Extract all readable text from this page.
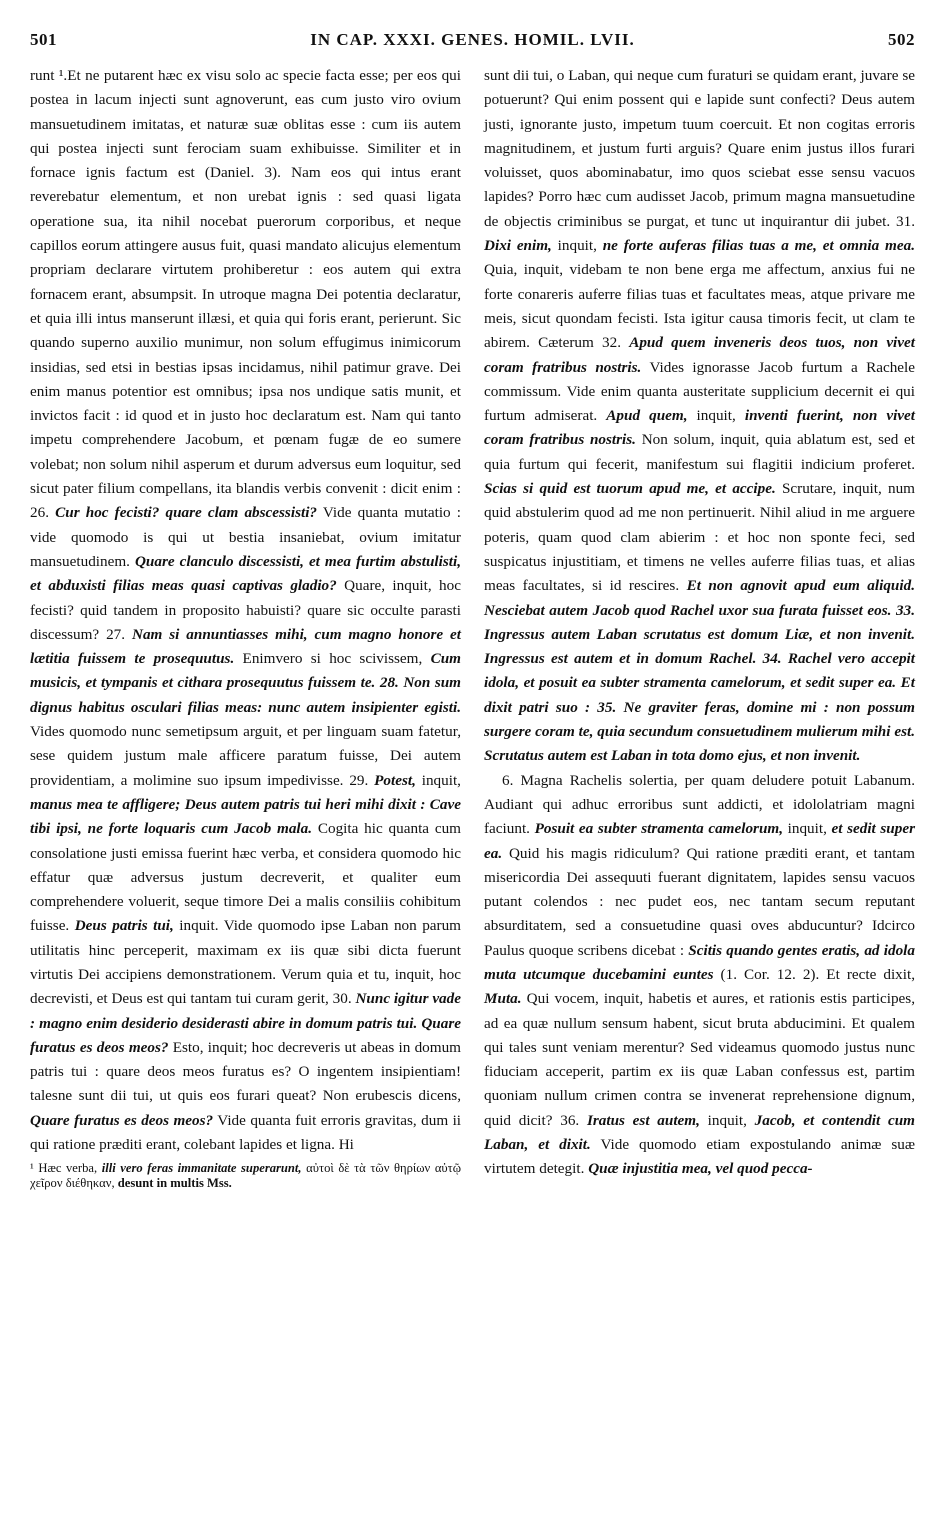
501	IN CAP. XXXI. GENES. HOMIL. LVII.	502

runt ¹.Et ne putarent hæc ex visu solo ac specie facta esse; per eos qui postea in lacum injecti sunt agnoverunt, eas cum justo viro ovium mansuetudinem imitatas, et naturæ suæ oblitas esse : cum iis autem qui postea injecti sunt ferociam suam exhibuisse. Similiter et in fornace ignis factum est (Daniel. 3). Nam eos qui intus erant reverebatur elementum, et non urebat ignis : sed quasi ligata operatione sua, ita nihil nocebat puerorum corporibus, et neque capillos eorum attingere ausus fuit, quasi mandato alicujus elementum propriam declarare virtutem prohiberetur : eos autem qui extra fornacem erant, absumpsit. In utroque magna Dei potentia declaratur, et quia illi intus manserunt illæsi, et quia qui foris erant, perierunt. Sic quando superno auxilio munimur, non solum effugimus inimicorum insidias, sed etsi in bestias ipsas incidamus, nihil patimur grave. Dei enim manus potentior est omnibus; ipsa nos undique satis munit, et invictos facit : id quod et in justo hoc declaratum est. Nam qui tanto impetu comprehendere Jacobum, et pœnam fugæ de eo sumere volebat; non solum nihil asperum et durum adversus eum loquitur, sed sicut pater filium compellans, ita blandis verbis convenit : dicit enim : 26. Cur hoc fecisti? quare clam abscessisti? Vide quanta mutatio : vide quomodo is qui ut bestia insaniebat, ovium imitatur mansuetudinem. Quare clanculo discessisti, et mea furtim abstulisti, et abduxisti filias meas quasi captivas gladio? Quare, inquit, hoc fecisti? quid tandem in proposito habuisti? quare sic occulte parasti discessum? 27. Nam si annuntiasses mihi, cum magno honore et lætitia fuissem te prosequutus. Enimvero si hoc scivissem, Cum musicis, et tympanis et cithara prosequutus fuissem te. 28. Non sum dignus habitus osculari filias meas: nunc autem insipienter egisti. Vides quomodo nunc semetipsum arguit, et per linguam suam fatetur, sese quidem justum male afficere paratum fuisse, Dei autem providentiam, a molimine suo ipsum impedivisse. 29. Potest, inquit, manus mea te affligere; Deus autem patris tui heri mihi dixit : Cave tibi ipsi, ne forte loquaris cum Jacob mala. Cogita hic quanta cum consolatione justi emissa fuerint hæc verba, et considera quomodo hic effatur quæ adversus justum decreverit, et qualiter eum comprehendere voluerit, seque timore Dei a malis consiliis cohibitum fuisse. Deus patris tui, inquit. Vide quomodo ipse Laban non parum utilitatis hinc perceperit, maximam ex iis quæ sibi dicta fuerunt virtutis Dei accipiens demonstrationem. Verum quia et tu, inquit, hoc decrevisti, et Deus est qui tantam tui curam gerit, 30. Nunc igitur vade : magno enim desiderio desiderasti abire in domum patris tui. Quare furatus es deos meos? Esto, inquit; hoc decreveris ut abeas in domum patris tui : quare deos meos furatus es? O ingentem insipientiam! talesne sunt dii tui, ut quis eos furari queat? Non erubescis dicens, Quare furatus es deos meos? Vide quanta fuit erroris gravitas, dum ii qui ratione præditi erant, colebant lapides et ligna. Hi

¹ Hæc verba, illi vero feras immanitate superarunt, αὐτοὶ δὲ τὰ τῶν θηρίων αὐτῷ χεῖρον διέθηκαν, desunt in multis Mss.

sunt dii tui, o Laban, qui neque cum furaturi se quidam erant, juvare se potuerunt? Qui enim possent qui e lapide sunt confecti? Deus autem justi, ignorante justo, impetum tuum coercuit. Et non cogitas erroris magnitudinem, et justum furti arguis? Quare enim justus illos furari voluisset, quos abominabatur, imo quos sciebat esse sensu vacuos lapides? Porro hæc cum audisset Jacob, primum magna mansuetudine de objectis criminibus se purgat, et tunc ut inquirantur dii jubet. 31. Dixi enim, inquit, ne forte auferas filias tuas a me, et omnia mea. Quia, inquit, videbam te non bene erga me affectum, anxius fui ne forte conareris auferre filias tuas et facultates meas, atque privare me meis, sicut quondam fecisti. Ista igitur causa timoris fecit, ut clam te abirem. Cæterum 32. Apud quem inveneris deos tuos, non vivet coram fratribus nostris. Vides ignorasse Jacob furtum a Rachele commissum. Vide enim quanta austeritate supplicium decernit ei qui furtum admiserat. Apud quem, inquit, inventi fuerint, non vivet coram fratribus nostris. Non solum, inquit, quia ablatum est, sed et quia furtum qui fecerit, manifestum sui flagitii indicium proferet. Scias si quid est tuorum apud me, et accipe. Scrutare, inquit, num quid abstulerim quod ad me non pertinuerit. Nihil aliud in me arguere poteris, quam quod clam abierim : et hoc non sponte feci, sed suspicatus injustitiam, et timens ne velles auferre filias tuas, et alias meas facultates, si id rescires. Et non agnovit apud eum aliquid. Nesciebat autem Jacob quod Rachel uxor sua furata fuisset eos. 33. Ingressus autem Laban scrutatus est domum Liæ, et non invenit. Ingressus est autem et in domum Rachel. 34. Rachel vero accepit idola, et posuit ea subter stramenta camelorum, et sedit super ea. Et dixit patri suo : 35. Ne graviter feras, domine mi : non possum surgere coram te, quia secundum consuetudinem mulierum mihi est. Scrutatus autem est Laban in tota domo ejus, et non invenit.

6. Magna Rachelis solertia, per quam deludere potuit Labanum. Audiant qui adhuc erroribus sunt addicti, et idololatriam magni faciunt. Posuit ea subter stramenta camelorum, inquit, et sedit super ea. Quid his magis ridiculum? Qui ratione præditi erant, et tantam misericordia Dei assequuti fuerant dignitatem, lapides sensu vacuos putant colendos : nec pudet eos, nec tantam secum reputant absurditatem, sed a consuetudine quasi oves abducuntur? Idcirco Paulus quoque scribens dicebat : Scitis quando gentes eratis, ad idola muta utcumque ducebamini euntes (1. Cor. 12. 2). Et recte dixit, Muta. Qui vocem, inquit, habetis et aures, et rationis estis participes, ad ea quæ nullum sensum habent, sicut bruta abducimini. Et qualem qui tales sunt veniam merentur? Sed videamus quomodo justus nunc fiduciam acceperit, partim ex iis quæ Laban confessus est, partim quoniam nullum crimen contra se invenerat reprehensione dignum, quid dicit? 36. Iratus est autem, inquit, Jacob, et contendit cum Laban, et dixit. Vide quomodo etiam expostulando animæ suæ virtutem detegit. Quæ injustitia mea, vel quod pecca-
